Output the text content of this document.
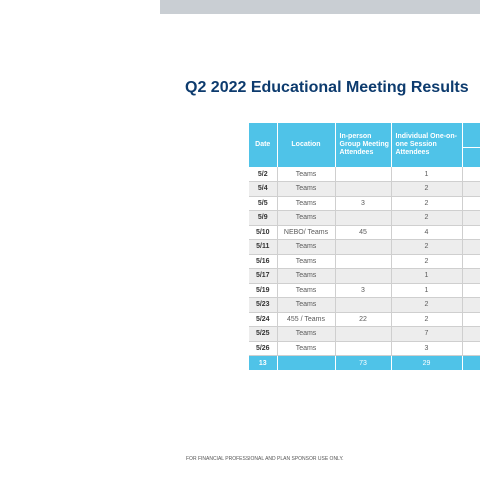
Q2 2022 Educational Meeting Results
Date	Location	In-person Group Meeting Attendees	Individual One-on-one Session Attendees	

5/2	Teams		1	
5/4	Teams		2	
5/5	Teams	3	2	
5/9	Teams		2	
5/10	NEBO/ Teams	45	4	
5/11	Teams		2	
5/16	Teams		2	
5/17	Teams		1	
5/19	Teams	3	1	
5/23	Teams		2	
5/24	455 / Teams	22	2	
5/25	Teams		7	
5/26	Teams		3	
13		73	29	

FOR FINANCIAL PROFESSIONAL AND PLAN SPONSOR USE ONLY.
